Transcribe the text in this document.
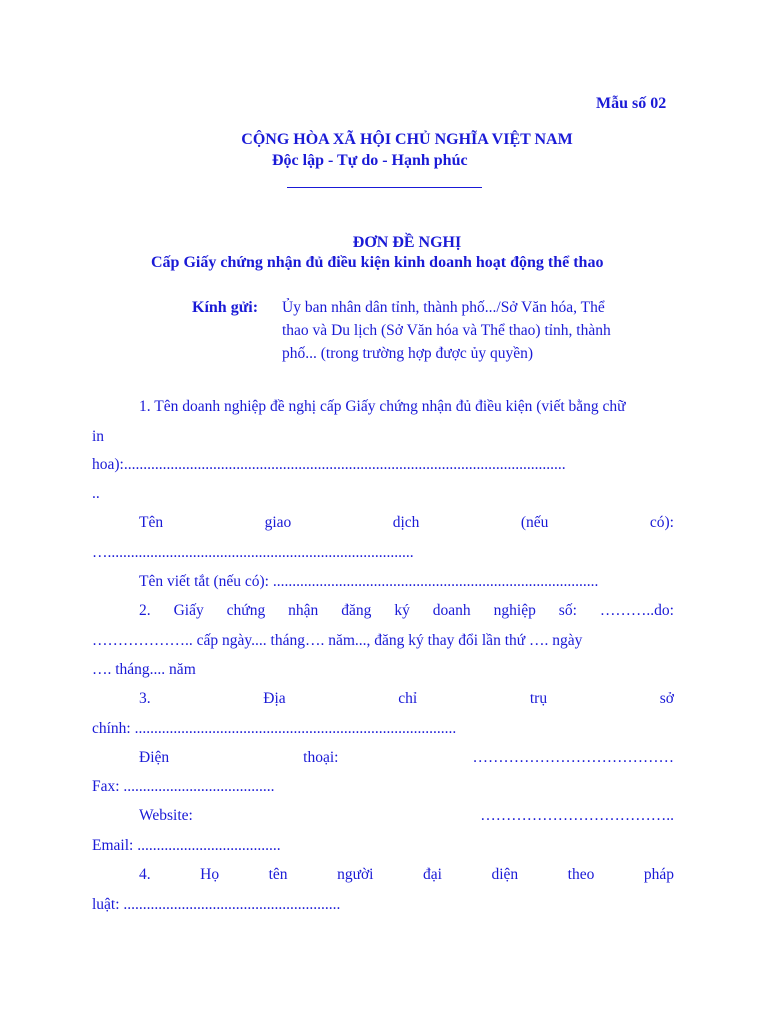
Mẫu số 02
CỘNG HÒA XÃ HỘI CHỦ NGHĨA VIỆT NAM
Độc lập - Tự do - Hạnh phúc
ĐƠN ĐỀ NGHỊ
Cấp Giấy chứng nhận đủ điều kiện kinh doanh hoạt động thể thao
Kính gửi: Ủy ban nhân dân tỉnh, thành phố.../Sở Văn hóa, Thể
thao và Du lịch (Sở Văn hóa và Thể thao) tỉnh, thành
phố... (trong trường hợp được ủy quyền)
1. Tên doanh nghiệp đề nghị cấp Giấy chứng nhận đủ điều kiện (viết bằng chữ
in
hoa):..................................................................................................................
..
Tên	giao	dịch	(nếu	có):
…...............................................................................
Tên viết tắt (nếu có): ....................................................................................
2. Giấy chứng nhận đăng ký doanh nghiệp số: ………..do:
……………….. cấp ngày.... tháng…. năm..., đăng ký thay đổi lần thứ …. ngày
…. tháng.... năm
3.	Địa	chỉ	trụ	sở
chính: ...................................................................................
Điện	thoại:	…………………………………
Fax: .......................................
Website:	………………………………..
Email: .....................................
4.	Họ	tên	người	đại	diện	theo	pháp
luật: ........................................................
